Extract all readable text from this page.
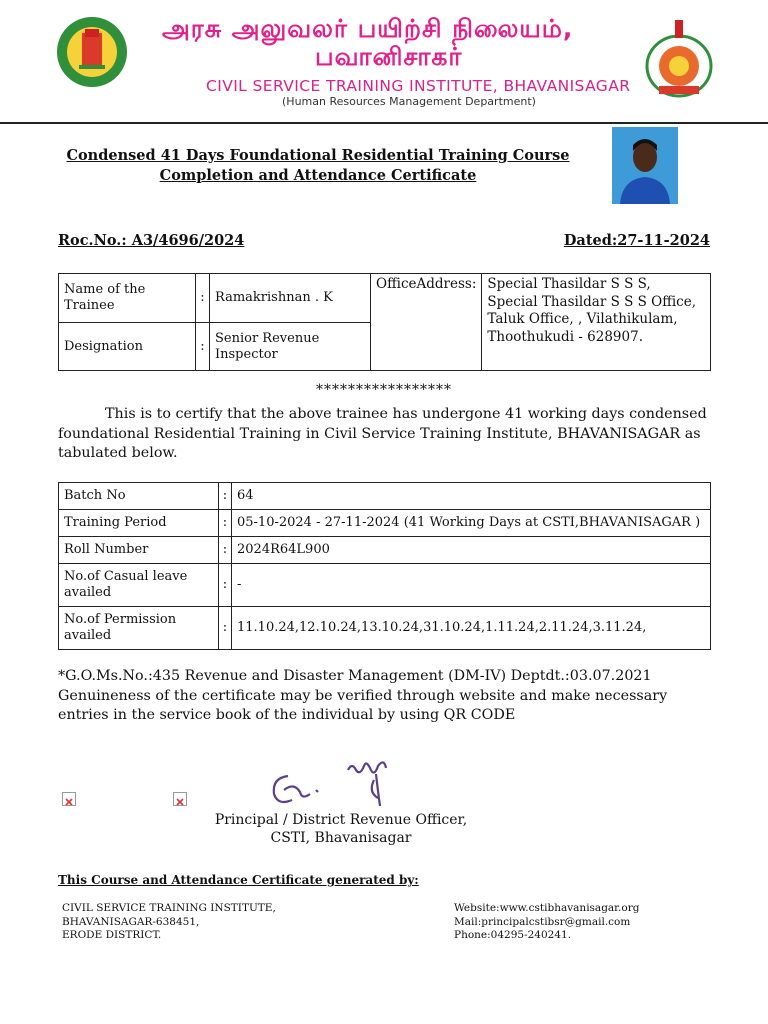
அரசு அலுவலர் பயிற்சி நிலையம்,
பவானிசாகர்
CIVIL SERVICE TRAINING INSTITUTE, BHAVANISAGAR
(Human Resources Management Department)
Condensed 41 Days Foundational Residential Training Course
Completion and Attendance Certificate
Roc.No.: A3/4696/2024	Dated:27-11-2024
Name of the Trainee	:	Ramakrishnan . K	OfficeAddress:	Special Thasildar S S S, Special Thasildar S S S Office, Taluk Office, , Vilathikulam, Thoothukudi - 628907.
Designation	:	Senior Revenue Inspector		
*****************
This is to certify that the above trainee has undergone 41 working days condensed foundational Residential Training in Civil Service Training Institute, BHAVANISAGAR as tabulated below.
Batch No	:	64
Training Period	:	05-10-2024 - 27-11-2024 (41 Working Days at CSTI,BHAVANISAGAR )
Roll Number	:	2024R64L900
No.of Casual leave availed	:	-
No.of Permission availed	:	11.10.24,12.10.24,13.10.24,31.10.24,1.11.24,2.11.24,3.11.24,
*G.O.Ms.No.:435 Revenue and Disaster Management (DM-IV) Deptdt.:03.07.2021
Genuineness of the certificate may be verified through website and make necessary entries in the service book of the individual by using QR CODE
Principal / District Revenue Officer,
CSTI, Bhavanisagar
This Course and Attendance Certificate generated by:
CIVIL SERVICE TRAINING INSTITUTE,
BHAVANISAGAR-638451,
ERODE DISTRICT.
Website:www.cstibhavanisagar.org
Mail:principalcstibsr@gmail.com
Phone:04295-240241.
